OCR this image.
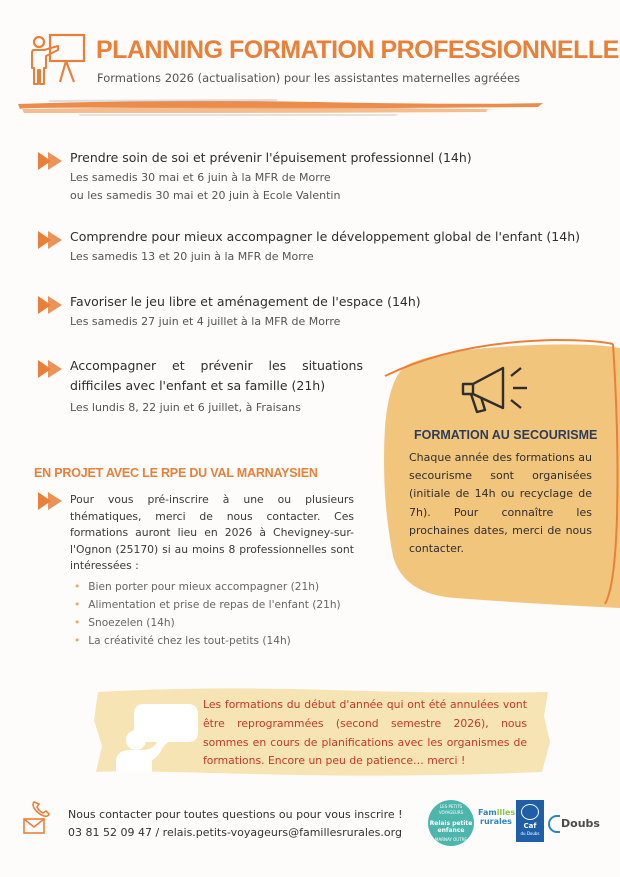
PLANNING FORMATION PROFESSIONNELLE
Formations 2026 (actualisation) pour les assistantes maternelles agréées
Prendre soin de soi et prévenir l'épuisement professionnel (14h)
Les samedis 30 mai et 6 juin à la MFR de Morre
ou les samedis 30 mai et 20 juin à Ecole Valentin
Comprendre pour mieux accompagner le développement global de l'enfant (14h)
Les samedis 13 et 20 juin à la MFR de Morre
Favoriser le jeu libre et aménagement de l'espace (14h)
Les samedis 27 juin et 4 juillet à la MFR de Morre
Accompagner et prévenir les situations
difficiles avec l'enfant et sa famille (21h)
Les lundis 8, 22 juin et 6 juillet, à Fraisans
FORMATION AU SECOURISME
Chaque année des formations au secourisme sont organisées (initiale de 14h ou recyclage de 7h). Pour connaître les prochaines dates, merci de nous contacter.
EN PROJET AVEC LE RPE DU VAL MARNAYSIEN
Pour vous pré-inscrire à une ou plusieurs thématiques, merci de nous contacter. Ces formations auront lieu en 2026 à Chevigney-sur-l'Ognon (25170) si au moins 8 professionnelles sont intéressées :
• Bien porter pour mieux accompagner (21h)
• Alimentation et prise de repas de l'enfant (21h)
• Snoezelen (14h)
• La créativité chez les tout-petits (14h)
Les formations du début d'année qui ont été annulées vont être reprogrammées (second semestre 2026), nous sommes en cours de planifications avec les organismes de formations. Encore un peu de patience… merci !
Nous contacter pour toutes questions ou pour vous inscrire !
03 81 52 09 47 / relais.petits-voyageurs@famillesrurales.org
LES PETITS VOYAGEURS
Relais petite enfance
MARNAY OUTRE
Familles
rurales	Caf
du Doubs
Doubs
